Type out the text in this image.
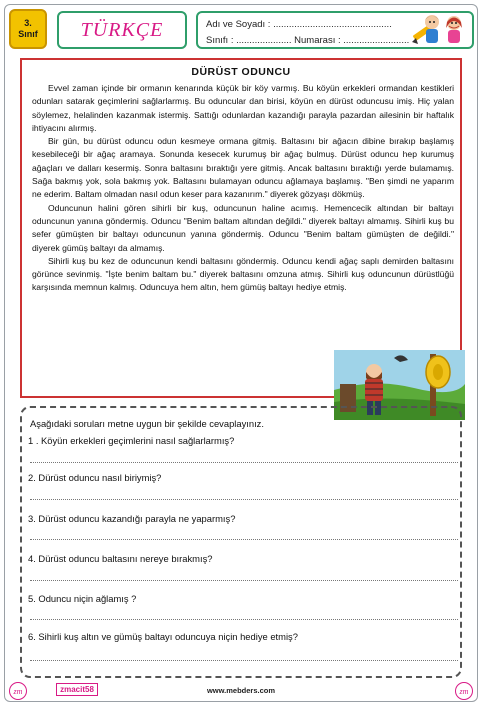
3.
Sınıf TÜRKÇE	Adı ve Soyadı : .............................................
Sınıfı : ..................... Numarası : .........................
DÜRÜST ODUNCU

Evvel zaman içinde bir ormanın kenarında küçük bir köy varmış. Bu köyün erkekleri ormandan kestikleri odunları satarak geçimlerini sağlarlarmış. Bu oduncular dan birisi, köyün en dürüst oduncusu imiş. Hiç yalan söylemez, helalinden kazanmak istermiş. Sattığı odunlardan kazandığı parayla pazardan ailesinin bir haftalık ihtiyacını alırmış.

Bir gün, bu dürüst oduncu odun kesmeye ormana gitmiş. Baltasını bir ağacın dibine bırakıp başlamış kesebileceği bir ağaç aramaya. Sonunda kesecek kurumuş bir ağaç bulmuş. Dürüst oduncu hep kurumuş ağaçları ve dalları kesermiş. Sonra baltasını bıraktığı yere gitmiş. Ancak baltasını bıraktığı yerde bulamamış. Sağa bakmış yok, sola bakmış yok. Baltasını bulamayan oduncu ağlamaya başlamış. "Ben şimdi ne yaparım ne ederim. Baltam olmadan nasıl odun keser para kazanırım." diyerek gözyaşı dökmüş.

Oduncunun halini gören sihirli bir kuş, oduncunun haline acımış. Hemencecik altından bir baltayı oduncunun yanına göndermiş. Oduncu "Benim baltam altından değildi." diyerek baltayı almamış. Sihirli kuş bu sefer gümüşten bir baltayı oduncunun yanına göndermiş. Oduncu "Benim baltam gümüşten de değildi." diyerek gümüş baltayı da almamış.

Sihirli kuş bu kez de oduncunun kendi baltasını göndermiş. Oduncu kendi ağaç saplı demirden baltasını görünce sevinmiş. "İşte benim baltam bu." diyerek baltasını omzuna atmış. Sihirli kuş oduncunun dürüstlüğü karşısında memnun kalmış. Oduncuya hem altın, hem gümüş baltayı hediye etmiş.

Aşağıdaki soruları metne uygun bir şekilde cevaplayınız.
1 . Köyün erkekleri geçimlerini nasıl sağlarlarmış?
2. Dürüst oduncu nasıl biriymiş?
3. Dürüst oduncu kazandığı parayla ne yaparmış?
4. Dürüst oduncu baltasını nereye bırakmış?
5. Oduncu niçin ağlamış ?
6. Sihirli kuş altın ve gümüş baltayı oduncuya niçin hediye etmiş?
zm	zmacit58	www.mebders.com	zm
